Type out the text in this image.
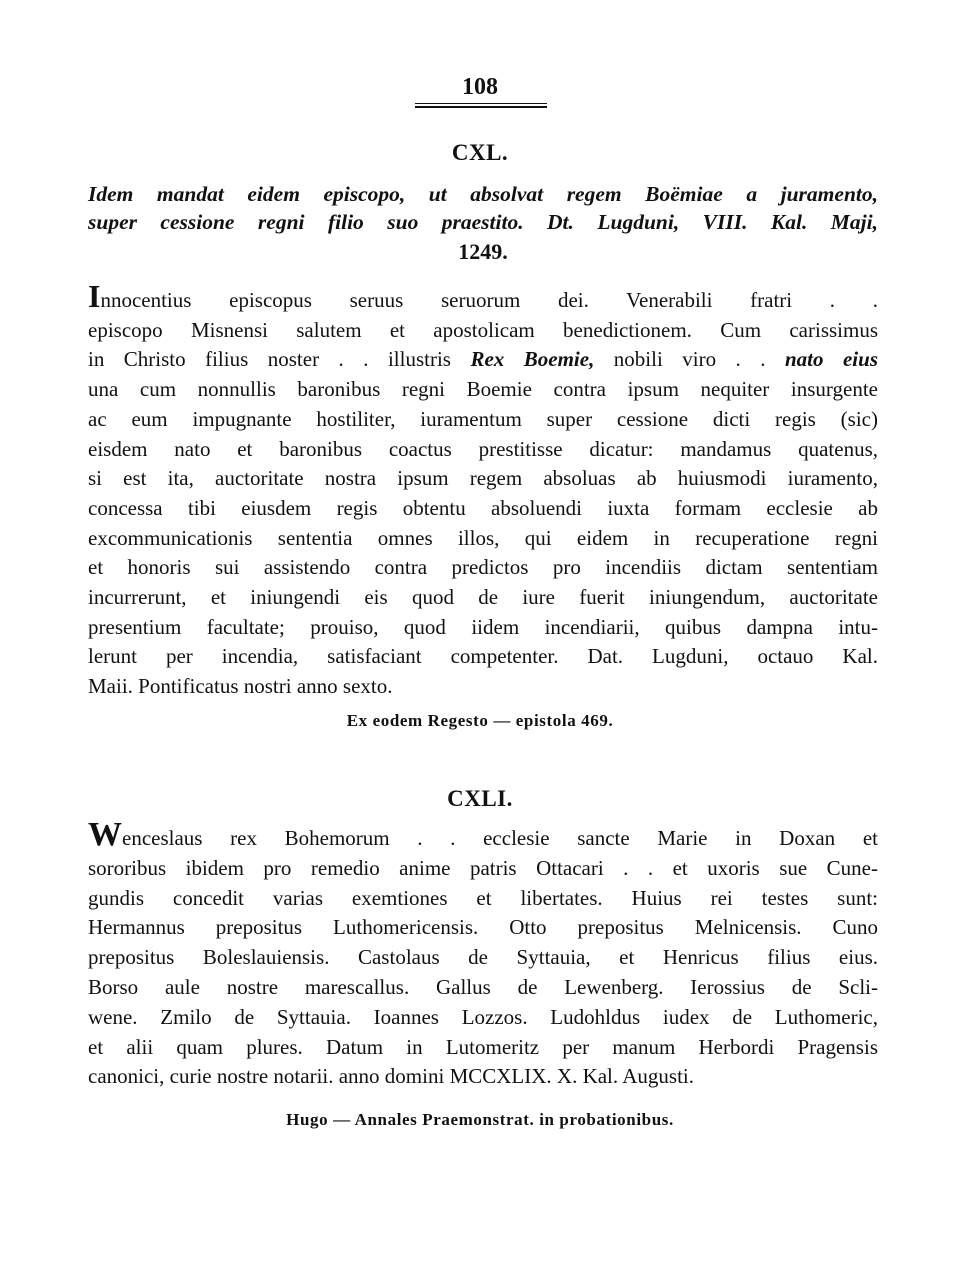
108
CXL.
Idem mandat eidem episcopo, ut absolvat regem Boëmiae a juramento,
super cessione regni filio suo praestito. Dt. Lugduni, VIII. Kal. Maji,
1249.
Innocentius episcopus seruus seruorum dei. Venerabili fratri . .
episcopo Misnensi salutem et apostolicam benedictionem. Cum carissimus
in Christo filius noster . . illustris Rex Boemie, nobili viro . . nato eius
una cum nonnullis baronibus regni Boemie contra ipsum nequiter insurgente
ac eum impugnante hostiliter, iuramentum super cessione dicti regis (sic)
eisdem nato et baronibus coactus prestitisse dicatur: mandamus quatenus,
si est ita, auctoritate nostra ipsum regem absoluas ab huiusmodi iuramento,
concessa tibi eiusdem regis obtentu absoluendi iuxta formam ecclesie ab
excommunicationis sententia omnes illos, qui eidem in recuperatione regni
et honoris sui assistendo contra predictos pro incendiis dictam sententiam
incurrerunt, et iniungendi eis quod de iure fuerit iniungendum, auctoritate
presentium facultate; prouiso, quod iidem incendiarii, quibus dampna intu-
lerunt per incendia, satisfaciant competenter. Dat. Lugduni, octauo Kal.
Maii. Pontificatus nostri anno sexto.
Ex eodem Regesto — epistola 469.
CXLI.
Wenceslaus rex Bohemorum . . ecclesie sancte Marie in Doxan et
sororibus ibidem pro remedio anime patris Ottacari . . et uxoris sue Cune-
gundis concedit varias exemtiones et libertates. Huius rei testes sunt:
Hermannus prepositus Luthomericensis. Otto prepositus Melnicensis. Cuno
prepositus Boleslauiensis. Castolaus de Syttauia, et Henricus filius eius.
Borso aule nostre marescallus. Gallus de Lewenberg. Ierossius de Scli-
wene. Zmilo de Syttauia. Ioannes Lozzos. Ludohldus iudex de Luthomeric,
et alii quam plures. Datum in Lutomeritz per manum Herbordi Pragensis
canonici, curie nostre notarii. anno domini MCCXLIX. X. Kal. Augusti.
Hugo — Annales Praemonstrat. in probationibus.
